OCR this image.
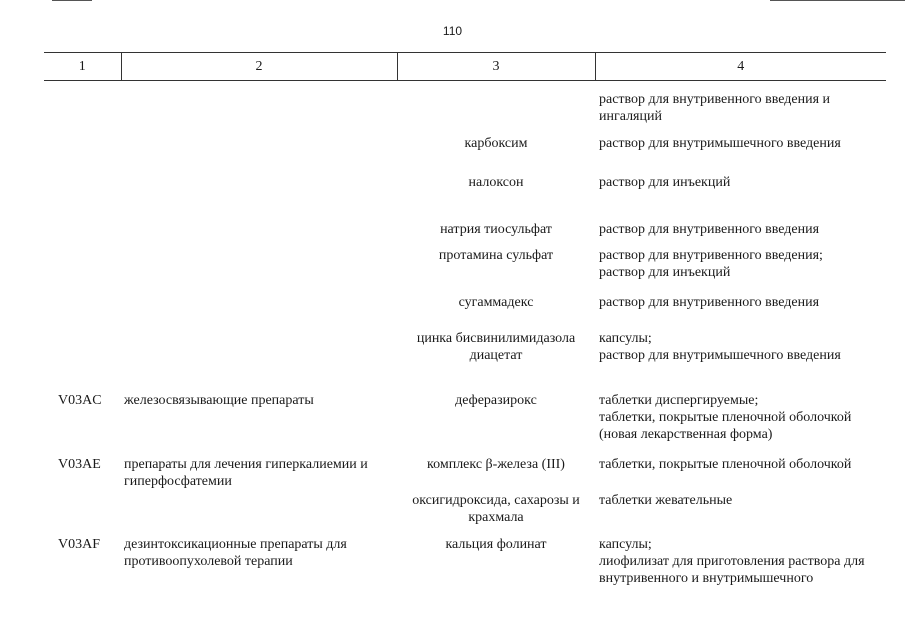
110
1	2	3	4

			раствор для внутривенного введения и ингаляций

		карбоксим	раствор для внутримышечного введения

		налоксон	раствор для инъекций

		натрия тиосульфат	раствор для внутривенного введения

		протамина сульфат	раствор для внутривенного введения;
раствор для инъекций

		сугаммадекс	раствор для внутривенного введения

		цинка бисвинилимидазола диацетат	капсулы;
раствор для внутримышечного введения

V03AC	железосвязывающие препараты	деферазирокс	таблетки диспергируемые;
таблетки, покрытые пленочной оболочкой (новая лекарственная форма)

V03AE	препараты для лечения гиперкалиемии и гиперфосфатемии	комплекс β-железа (III)	таблетки, покрытые пленочной оболочкой

		оксигидроксида, сахарозы и крахмала	таблетки жевательные

V03AF	дезинтоксикационные препараты для противоопухолевой терапии	кальция фолинат	капсулы;
лиофилизат для приготовления раствора для внутривенного и внутримышечного
